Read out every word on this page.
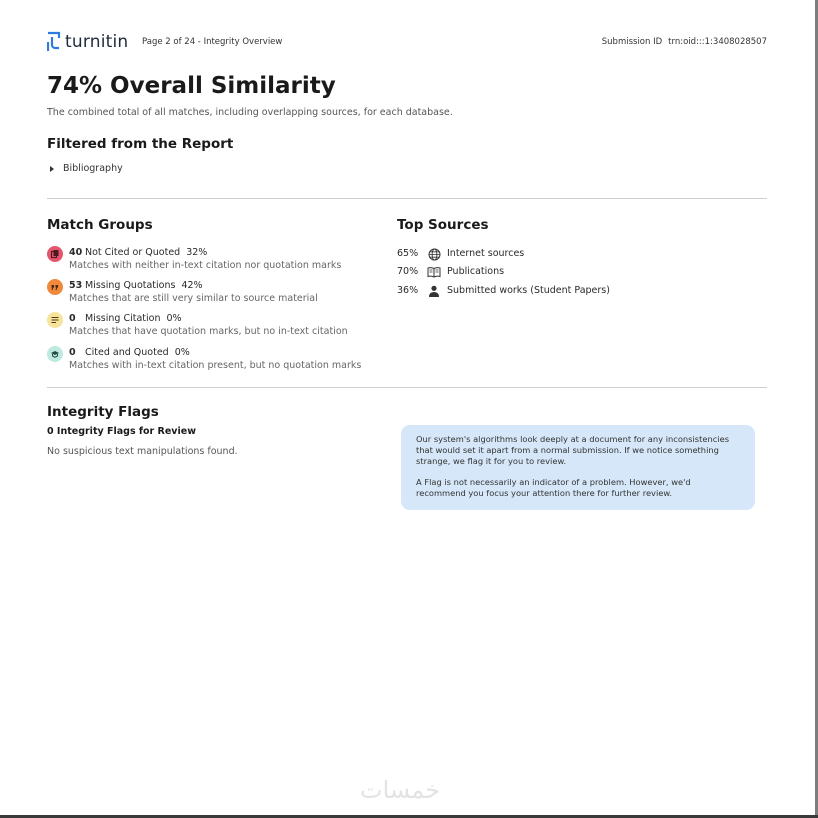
turnitin Page 2 of 24 - Integrity Overview	Submission ID trn:oid:::1:3408028507
74% Overall Similarity
The combined total of all matches, including overlapping sources, for each database.
Filtered from the Report
Bibliography
Match Groups
40 Not Cited or Quoted 32%
Matches with neither in-text citation nor quotation marks
53 Missing Quotations 42%
Matches that are still very similar to source material
0 Missing Citation 0%
Matches that have quotation marks, but no in-text citation
0 Cited and Quoted 0%
Matches with in-text citation present, but no quotation marks
Top Sources
65%	Internet sources
70%	Publications
36%	Submitted works (Student Papers)
Integrity Flags
0 Integrity Flags for Review
No suspicious text manipulations found.

Our system's algorithms look deeply at a document for any inconsistencies that would set it apart from a normal submission. If we notice something strange, we flag it for you to review.

A Flag is not necessarily an indicator of a problem. However, we'd recommend you focus your attention there for further review.

خمسات
